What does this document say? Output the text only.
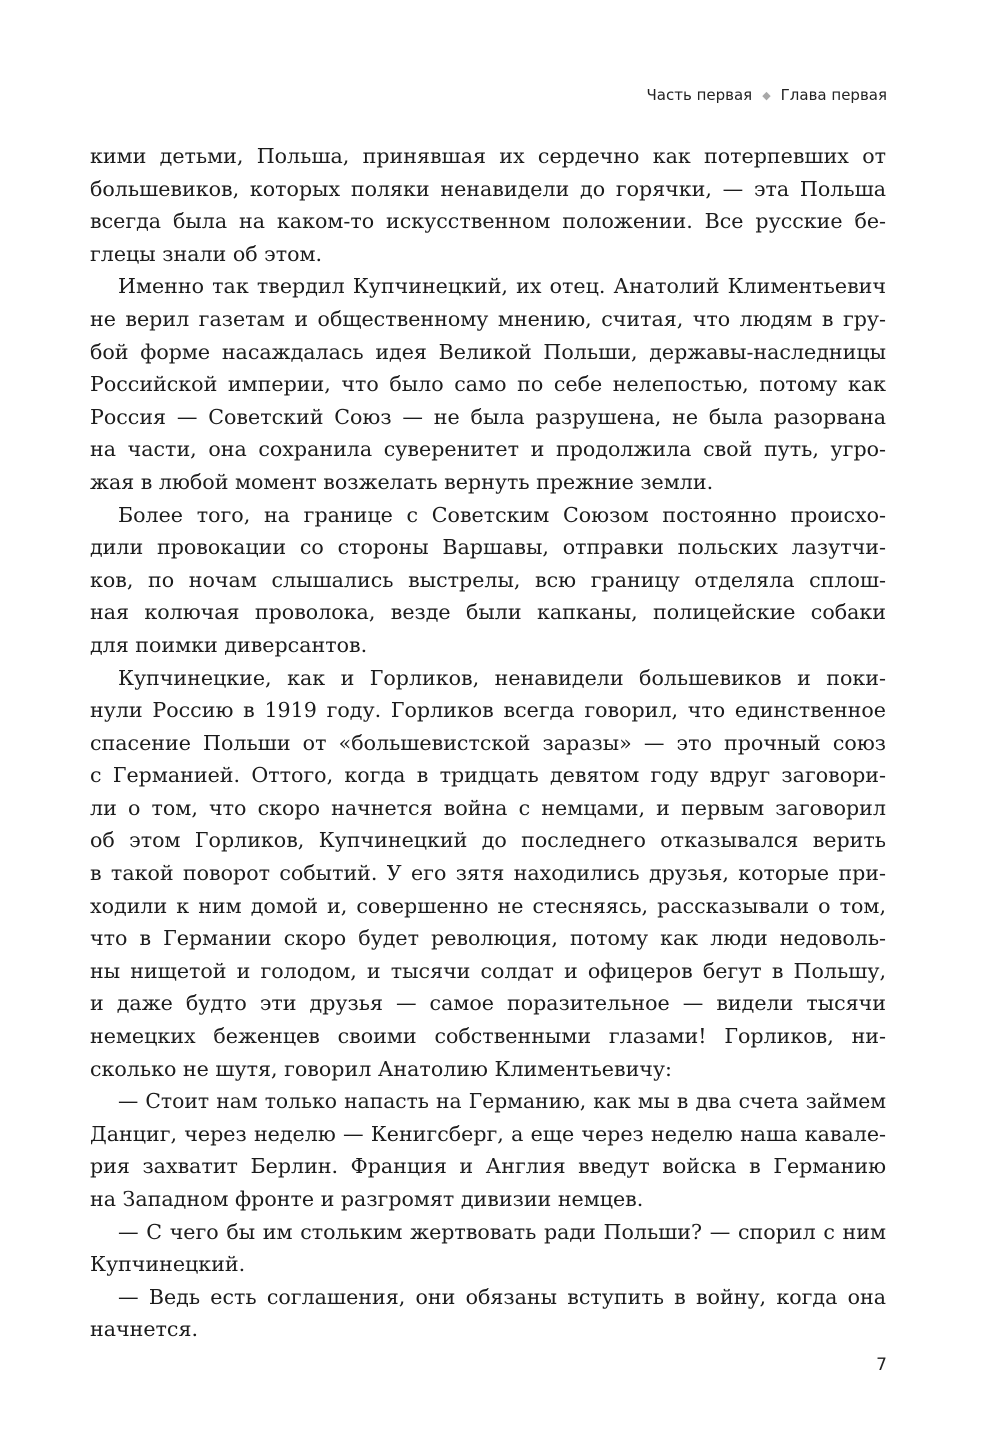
Часть первая ◆ Глава первая

кими детьми, Польша, принявшая их сердечно как потерпевших от
большевиков, которых поляки ненавидели до горячки, — эта Польша
всегда была на каком-то искусственном положении. Все русские бе-
глецы знали об этом.

Именно так твердил Купчинецкий, их отец. Анатолий Климентьевич
не верил газетам и общественному мнению, считая, что людям в гру-
бой форме насаждалась идея Великой Польши, державы-наследницы
Российской империи, что было само по себе нелепостью, потому как
Россия — Советский Союз — не была разрушена, не была разорвана
на части, она сохранила суверенитет и продолжила свой путь, угро-
жая в любой момент возжелать вернуть прежние земли.

Более того, на границе с Советским Союзом постоянно происхо-
дили провокации со стороны Варшавы, отправки польских лазутчи-
ков, по ночам слышались выстрелы, всю границу отделяла сплош-
ная колючая проволока, везде были капканы, полицейские собаки
для поимки диверсантов.

Купчинецкие, как и Горликов, ненавидели большевиков и поки-
нули Россию в 1919 году. Горликов всегда говорил, что единственное
спасение Польши от «большевистской заразы» — это прочный союз
с Германией. Оттого, когда в тридцать девятом году вдруг заговори-
ли о том, что скоро начнется война с немцами, и первым заговорил
об этом Горликов, Купчинецкий до последнего отказывался верить
в такой поворот событий. У его зятя находились друзья, которые при-
ходили к ним домой и, совершенно не стесняясь, рассказывали о том,
что в Германии скоро будет революция, потому как люди недоволь-
ны нищетой и голодом, и тысячи солдат и офицеров бегут в Польшу,
и даже будто эти друзья — самое поразительное — видели тысячи
немецких беженцев своими собственными глазами! Горликов, ни-
сколько не шутя, говорил Анатолию Климентьевичу:

— Стоит нам только напасть на Германию, как мы в два счета займем
Данциг, через неделю — Кенигсберг, а еще через неделю наша кавале-
рия захватит Берлин. Франция и Англия введут войска в Германию
на Западном фронте и разгромят дивизии немцев.

— С чего бы им стольким жертвовать ради Польши? — спорил с ним
Купчинецкий.

— Ведь есть соглашения, они обязаны вступить в войну, когда она
начнется.

7
